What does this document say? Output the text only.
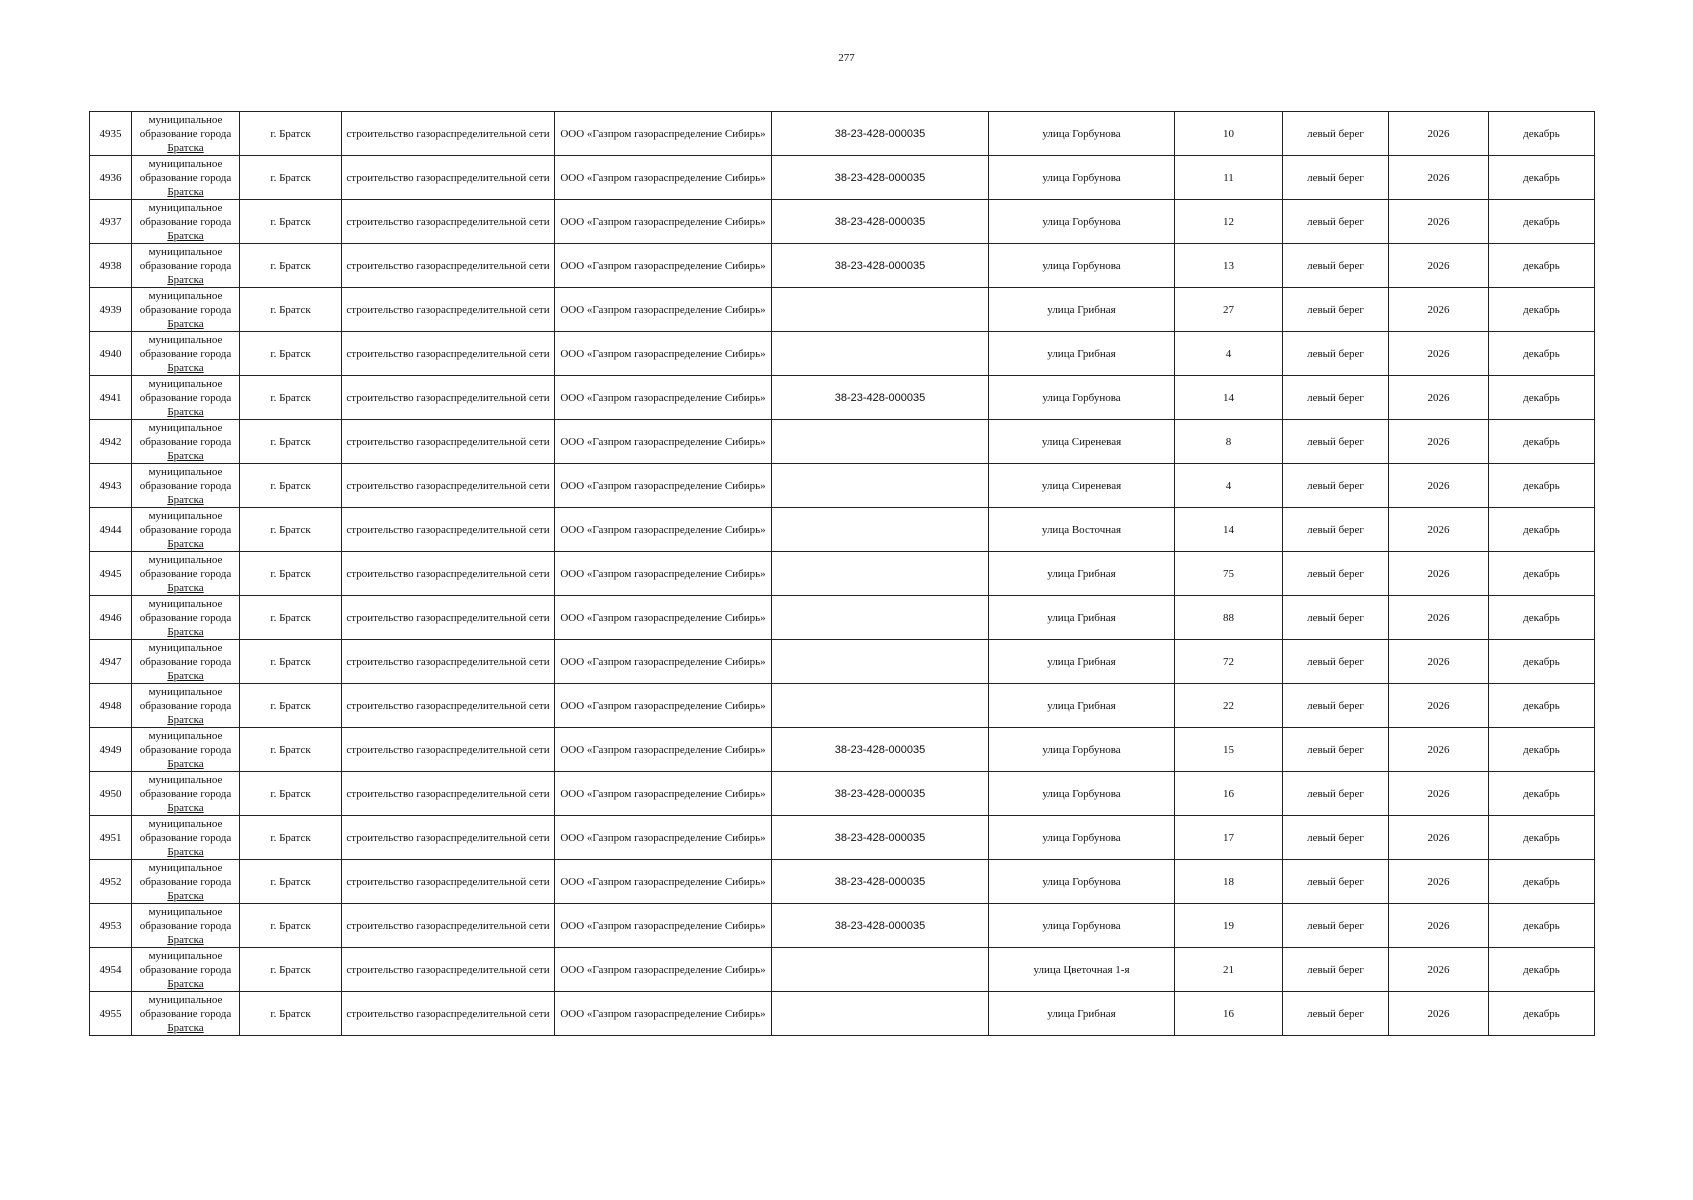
277
4935	муниципальное
образование города
Братска	г. Братск	строительство газораспределительной сети	ООО «Газпром газораспределение Сибирь»	38-23-428-000035	улица Горбунова	10	левый берег	2026	декабрь
4936	муниципальное
образование города
Братска	г. Братск	строительство газораспределительной сети	ООО «Газпром газораспределение Сибирь»	38-23-428-000035	улица Горбунова	11	левый берег	2026	декабрь
4937	муниципальное
образование города
Братска	г. Братск	строительство газораспределительной сети	ООО «Газпром газораспределение Сибирь»	38-23-428-000035	улица Горбунова	12	левый берег	2026	декабрь
4938	муниципальное
образование города
Братска	г. Братск	строительство газораспределительной сети	ООО «Газпром газораспределение Сибирь»	38-23-428-000035	улица Горбунова	13	левый берег	2026	декабрь
4939	муниципальное
образование города
Братска	г. Братск	строительство газораспределительной сети	ООО «Газпром газораспределение Сибирь»		улица Грибная	27	левый берег	2026	декабрь
4940	муниципальное
образование города
Братска	г. Братск	строительство газораспределительной сети	ООО «Газпром газораспределение Сибирь»		улица Грибная	4	левый берег	2026	декабрь
4941	муниципальное
образование города
Братска	г. Братск	строительство газораспределительной сети	ООО «Газпром газораспределение Сибирь»	38-23-428-000035	улица Горбунова	14	левый берег	2026	декабрь
4942	муниципальное
образование города
Братска	г. Братск	строительство газораспределительной сети	ООО «Газпром газораспределение Сибирь»		улица Сиреневая	8	левый берег	2026	декабрь
4943	муниципальное
образование города
Братска	г. Братск	строительство газораспределительной сети	ООО «Газпром газораспределение Сибирь»		улица Сиреневая	4	левый берег	2026	декабрь
4944	муниципальное
образование города
Братска	г. Братск	строительство газораспределительной сети	ООО «Газпром газораспределение Сибирь»		улица Восточная	14	левый берег	2026	декабрь
4945	муниципальное
образование города
Братска	г. Братск	строительство газораспределительной сети	ООО «Газпром газораспределение Сибирь»		улица Грибная	75	левый берег	2026	декабрь
4946	муниципальное
образование города
Братска	г. Братск	строительство газораспределительной сети	ООО «Газпром газораспределение Сибирь»		улица Грибная	88	левый берег	2026	декабрь
4947	муниципальное
образование города
Братска	г. Братск	строительство газораспределительной сети	ООО «Газпром газораспределение Сибирь»		улица Грибная	72	левый берег	2026	декабрь
4948	муниципальное
образование города
Братска	г. Братск	строительство газораспределительной сети	ООО «Газпром газораспределение Сибирь»		улица Грибная	22	левый берег	2026	декабрь
4949	муниципальное
образование города
Братска	г. Братск	строительство газораспределительной сети	ООО «Газпром газораспределение Сибирь»	38-23-428-000035	улица Горбунова	15	левый берег	2026	декабрь
4950	муниципальное
образование города
Братска	г. Братск	строительство газораспределительной сети	ООО «Газпром газораспределение Сибирь»	38-23-428-000035	улица Горбунова	16	левый берег	2026	декабрь
4951	муниципальное
образование города
Братска	г. Братск	строительство газораспределительной сети	ООО «Газпром газораспределение Сибирь»	38-23-428-000035	улица Горбунова	17	левый берег	2026	декабрь
4952	муниципальное
образование города
Братска	г. Братск	строительство газораспределительной сети	ООО «Газпром газораспределение Сибирь»	38-23-428-000035	улица Горбунова	18	левый берег	2026	декабрь
4953	муниципальное
образование города
Братска	г. Братск	строительство газораспределительной сети	ООО «Газпром газораспределение Сибирь»	38-23-428-000035	улица Горбунова	19	левый берег	2026	декабрь
4954	муниципальное
образование города
Братска	г. Братск	строительство газораспределительной сети	ООО «Газпром газораспределение Сибирь»		улица Цветочная 1-я	21	левый берег	2026	декабрь
4955	муниципальное
образование города
Братска	г. Братск	строительство газораспределительной сети	ООО «Газпром газораспределение Сибирь»		улица Грибная	16	левый берег	2026	декабрь
